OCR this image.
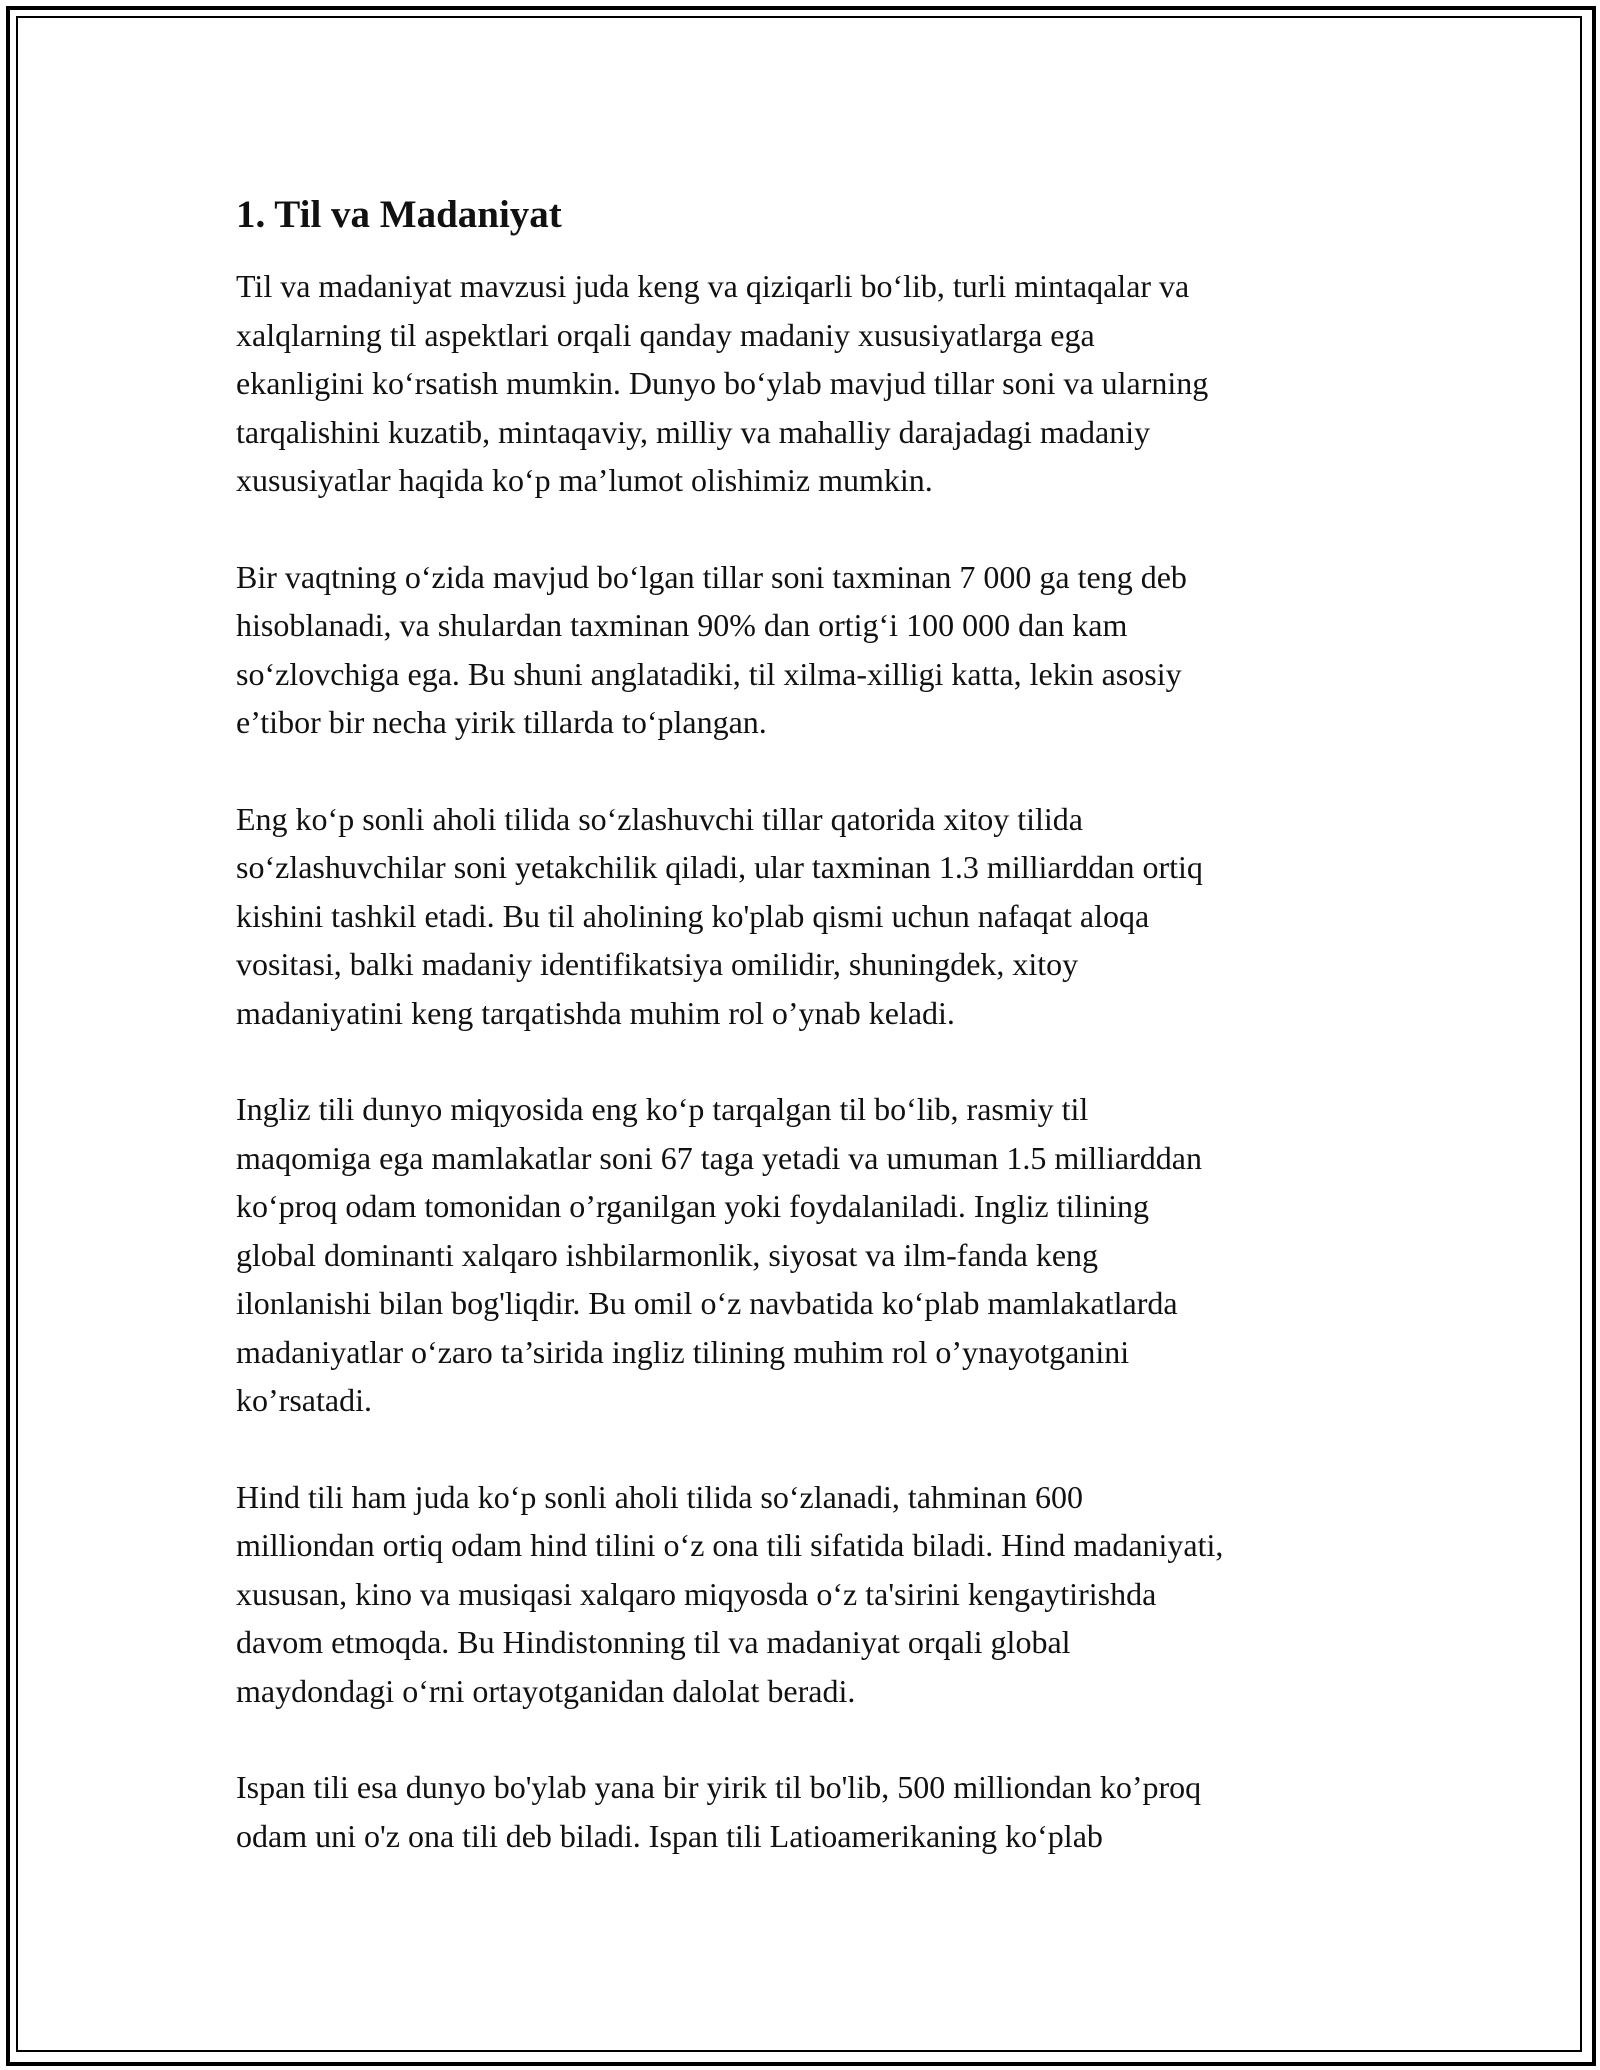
1. Til va Madaniyat

Til va madaniyat mavzusi juda keng va qiziqarli bo‘lib, turli mintaqalar va
xalqlarning til aspektlari orqali qanday madaniy xususiyatlarga ega
ekanligini ko‘rsatish mumkin. Dunyo bo‘ylab mavjud tillar soni va ularning
tarqalishini kuzatib, mintaqaviy, milliy va mahalliy darajadagi madaniy
xususiyatlar haqida ko‘p ma’lumot olishimiz mumkin.

Bir vaqtning o‘zida mavjud bo‘lgan tillar soni taxminan 7 000 ga teng deb
hisoblanadi, va shulardan taxminan 90% dan ortig‘i 100 000 dan kam
so‘zlovchiga ega. Bu shuni anglatadiki, til xilma-xilligi katta, lekin asosiy
e’tibor bir necha yirik tillarda to‘plangan.

Eng ko‘p sonli aholi tilida so‘zlashuvchi tillar qatorida xitoy tilida
so‘zlashuvchilar soni yetakchilik qiladi, ular taxminan 1.3 milliarddan ortiq
kishini tashkil etadi. Bu til aholining ko'plab qismi uchun nafaqat aloqa
vositasi, balki madaniy identifikatsiya omilidir, shuningdek, xitoy
madaniyatini keng tarqatishda muhim rol o’ynab keladi.

Ingliz tili dunyo miqyosida eng ko‘p tarqalgan til bo‘lib, rasmiy til
maqomiga ega mamlakatlar soni 67 taga yetadi va umuman 1.5 milliarddan
ko‘proq odam tomonidan o’rganilgan yoki foydalaniladi. Ingliz tilining
global dominanti xalqaro ishbilarmonlik, siyosat va ilm-fanda keng
ilonlanishi bilan bog'liqdir. Bu omil o‘z navbatida ko‘plab mamlakatlarda
madaniyatlar o‘zaro ta’sirida ingliz tilining muhim rol o’ynayotganini
ko’rsatadi.

Hind tili ham juda ko‘p sonli aholi tilida so‘zlanadi, tahminan 600
milliondan ortiq odam hind tilini o‘z ona tili sifatida biladi. Hind madaniyati,
xususan, kino va musiqasi xalqaro miqyosda o‘z ta'sirini kengaytirishda
davom etmoqda. Bu Hindistonning til va madaniyat orqali global
maydondagi o‘rni ortayotganidan dalolat beradi.

Ispan tili esa dunyo bo'ylab yana bir yirik til bo'lib, 500 milliondan ko’proq
odam uni o'z ona tili deb biladi. Ispan tili Latioamerikaning ko‘plab
